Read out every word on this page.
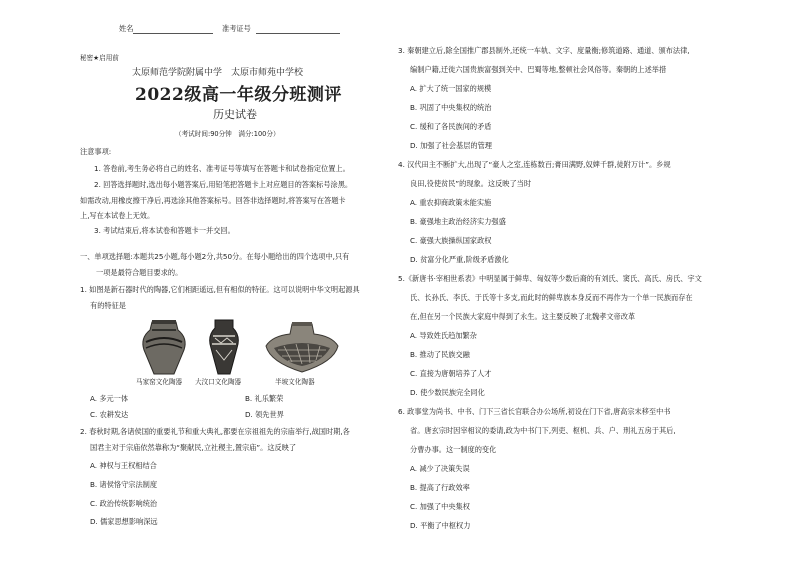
姓名	准考证号
秘密★启用前
太原师范学院附属中学　太原市师苑中学校
2022级高一年级分班测评
历史试卷
（考试时间:90分钟　满分:100分）
注意事项:
1. 答卷前,考生务必将自己的姓名、准考证号等填写在答题卡和试卷指定位置上。
2. 回答选择题时,选出每小题答案后,用铅笔把答题卡上对应题目的答案标号涂黑。
如需改动,用橡皮擦干净后,再选涂其他答案标号。回答非选择题时,将答案写在答题卡
上,写在本试卷上无效。
3. 考试结束后,将本试卷和答题卡一并交回。
一、单项选择题:本题共25小题,每小题2分,共50分。在每小题给出的四个选项中,只有
一项是最符合题目要求的。
1. 如图是新石器时代的陶器,它们相距遥远,但有相似的特征。这可以说明中华文明起源具
有的特征是
马家窑文化陶器 大汶口文化陶器	半坡文化陶器
A. 多元一体	B. 礼乐繁荣
C. 农耕发达	D. 领先世界
2. 春秋时期,各诸侯国的重要礼节和重大典礼,都要在宗祖祖先的宗庙举行,战国时期,各
国君主对于宗庙依然靠称为“聚献民,立社稷主,置宗庙”。这反映了
A. 神权与王权相结合
B. 诸侯恪守宗法制度
C. 政治传统影响统治
D. 儒家思想影响深远
3. 秦朝建立后,除全国推广郡县制外,还统一车轨、文字、度量衡;修筑道路、通道、颁布法律,
编制户籍,迁徙六国贵族富强到关中、巴蜀等地,整顿社会风俗等。秦朝的上述举措
A. 扩大了统一国家的规模
B. 巩固了中央集权的统治
C. 缓和了各民族间的矛盾
D. 加强了社会基层的管理
4. 汉代田主不断扩大,出现了“豪人之室,连栋数百;膏田满野,奴婢千群,徒附万计”。乡规
良田,役使贫民”的现象。这反映了当时
A. 重农抑商政策未能实施
B. 豪强地主政治经济实力强盛
C. 豪强大族操纵国家政权
D. 贫富分化严重,阶级矛盾激化
5.《新唐书·宰相世系表》中明显属于鲜卑、匈奴等少数后裔的有刘氏、窦氏、高氏、房氏、宇文
氏、长孙氏、李氏、于氏等十多支,而此时的鲜卑族本身反而不再作为一个单一民族而存在
在,但在另一个民族大家庭中得到了永生。这主要反映了北魏孝文帝改革
A. 导致姓氏趋加繁杂
B. 推动了民族交融
C. 直接为唐朝培养了人才
D. 使少数民族完全同化
6. 政事堂为尚书、中书、门下三省长官联合办公场所,初设在门下省,唐高宗末移至中书
省。唐玄宗时因宰相议的委请,政为中书门下,列吏、枢机、兵、户、刑礼五房于其后,
分曹办事。这一制度的变化
A. 减少了决策失误
B. 提高了行政效率
C. 加强了中央集权
D. 平衡了中枢权力
